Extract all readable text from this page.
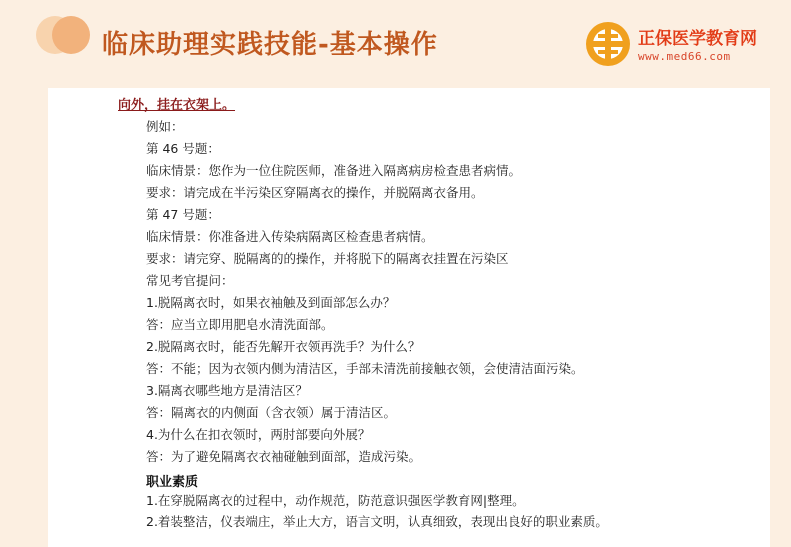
临床助理实践技能-基本操作	正保医学教育网
www.med66.com
向外，挂在衣架上。
例如：
第 46 号题：
临床情景：您作为一位住院医师，准备进入隔离病房检查患者病情。
要求：请完成在半污染区穿隔离衣的操作，并脱隔离衣备用。
第 47 号题：
临床情景：你准备进入传染病隔离区检查患者病情。
要求：请完穿、脱隔离的的操作，并将脱下的隔离衣挂置在污染区
常见考官提问：
1.脱隔离衣时，如果衣袖触及到面部怎么办？
答：应当立即用肥皂水清洗面部。
2.脱隔离衣时，能否先解开衣领再洗手？为什么？
答：不能；因为衣领内侧为清洁区，手部未清洗前接触衣领，会使清洁面污染。
3.隔离衣哪些地方是清洁区？
答：隔离衣的内侧面（含衣领）属于清洁区。
4.为什么在扣衣领时，两肘部要向外展？
答：为了避免隔离衣衣袖碰触到面部，造成污染。
职业素质
1.在穿脱隔离衣的过程中，动作规范，防范意识强医学教育网|整理。
2.着装整洁，仪表端庄，举止大方，语言文明，认真细致，表现出良好的职业素质。
